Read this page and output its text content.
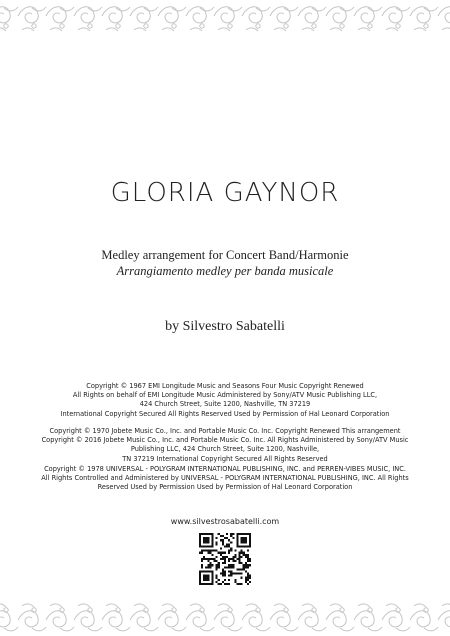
GLORIA GAYNOR
Medley arrangement for Concert Band/Harmonie
Arrangiamento medley per banda musicale
by Silvestro Sabatelli
Copyright © 1967 EMI Longitude Music and Seasons Four Music Copyright Renewed
All Rights on behalf of EMI Longitude Music Administered by Sony/ATV Music Publishing LLC,
424 Church Street, Suite 1200, Nashville, TN 37219
International Copyright Secured All Rights Reserved Used by Permission of Hal Leonard Corporation
Copyright © 1970 Jobete Music Co., Inc. and Portable Music Co. Inc. Copyright Renewed This arrangement
Copyright © 2016 Jobete Music Co., Inc. and Portable Music Co. Inc. All Rights Administered by Sony/ATV Music
Publishing LLC, 424 Church Street, Suite 1200, Nashville,
TN 37219 International Copyright Secured All Rights Reserved
Copyright © 1978 UNIVERSAL - POLYGRAM INTERNATIONAL PUBLISHING, INC. and PERREN-VIBES MUSIC, INC.
All Rights Controlled and Administered by UNIVERSAL - POLYGRAM INTERNATIONAL PUBLISHING, INC. All Rights
Reserved Used by Permission Used by Permission of Hal Leonard Corporation
www.silvestrosabatelli.com
